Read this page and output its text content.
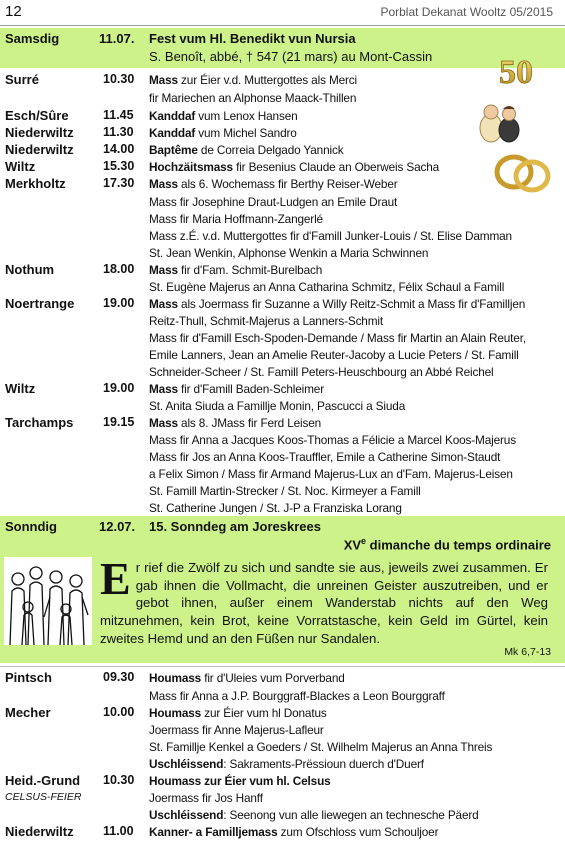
12	Porblat Dekanat Wooltz 05/2015
Samsdig	11.07. Fest vum Hl. Benedikt vun Nursia
S. Benoît, abbé, † 547 (21 mars) au Mont-Cassin 50
Surré	10.30 Mass zur Éier v.d. Muttergottes als Merci
fir Mariechen an Alphonse Maack-Thillen
Esch/Sûre	11.45 Kanddaf vum Lenox Hansen
Niederwiltz 11.30 Kanddaf vum Michel Sandro
Niederwiltz 14.00 Baptême de Correia Delgado Yannick
Wiltz	15.30 Hochzäitsmass fir Besenius Claude an Oberweis Sacha
Merkholtz	17.30 Mass als 6. Wochemass fir Berthy Reiser-Weber
Mass fir Josephine Draut-Ludgen an Emile Draut
Mass fir Maria Hoffmann-Zangerlé
Mass z.É. v.d. Muttergottes fir d'Famill Junker-Louis / St. Elise Damman
St. Jean Wenkin, Alphonse Wenkin a Maria Schwinnen
Nothum	18.00 Mass fir d'Fam. Schmit-Burelbach
St. Eugène Majerus an Anna Catharina Schmitz, Félix Schaul a Famill
Noertrange 19.00 Mass als Joermass fir Suzanne a Willy Reitz-Schmit a Mass fir d'Familljen
Reitz-Thull, Schmit-Majerus a Lanners-Schmit
Mass fir d'Famill Esch-Spoden-Demande / Mass fir Martin an Alain Reuter,
Emile Lanners, Jean an Amelie Reuter-Jacoby a Lucie Peters / St. Famill
Schneider-Scheer / St. Famill Peters-Heuschbourg an Abbé Reichel
Wiltz	19.00 Mass fir d'Famill Baden-Schleimer
St. Anita Siuda a Famillje Monin, Pascucci a Siuda
Tarchamps 19.15 Mass als 8. JMass fir Ferd Leisen
Mass fir Anna a Jacques Koos-Thomas a Félicie a Marcel Koos-Majerus
Mass fir Jos an Anna Koos-Trauffler, Emile a Catherine Simon-Staudt
a Felix Simon / Mass fir Armand Majerus-Lux an d'Fam. Majerus-Leisen
St. Famill Martin-Strecker / St. Noc. Kirmeyer a Famill
St. Catherine Jungen / St. J-P a Franziska Lorang
Sonndig	12.07. 15. Sonndeg am Joreskrees
XVe dimanche du temps ordinaire
Er rief die Zwölf zu sich und sandte sie aus, jeweils zwei zusammen. Er gab ihnen die Vollmacht, die unreinen Geister auszutreiben, und er gebot ihnen, außer einem Wanderstab nichts auf den Weg mitzunehmen, kein Brot, keine Vorratstasche, kein Geld im Gürtel, kein zweites Hemd und an den Füßen nur Sandalen.
Mk 6,7-13
Pintsch	09.30 Houmass fir d'Uleies vum Porverband
Mass fir Anna a J.P. Bourggraff-Blackes a Leon Bourggraff
Mecher	10.00 Houmass zur Éier vum hl Donatus
Joermass fir Anne Majerus-Lafleur
St. Famillje Kenkel a Goeders / St. Wilhelm Majerus an Anna Threis
Uschléissend: Sakraments-Prëssioun duerch d'Duerf
Heid.-Grund 10.30 Houmass zur Éier vum hl. Celsus
CELSUS-FEIER	Joermass fir Jos Hanff
Uschléissend: Seenong vun alle liewegen an technesche Päerd
Niederwiltz 11.00 Kanner- a Familljemass zum Ofschloss vum Schouljoer
